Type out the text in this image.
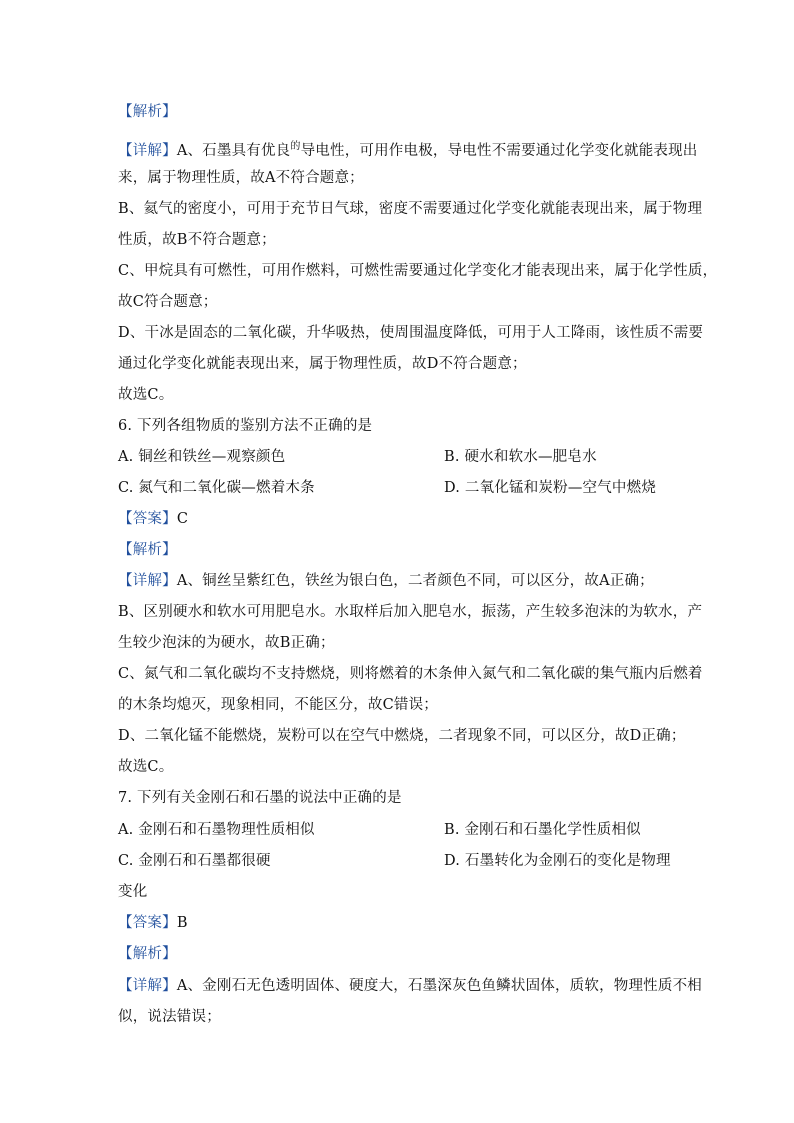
【解析】
【详解】A、石墨具有优良$^的$导电性，可用作电极，导电性不需要通过化学变化就能表现出
来，属于物理性质，故A不符合题意；
B、氦气的密度小，可用于充节日气球，密度不需要通过化学变化就能表现出来，属于物理
性质，故B不符合题意；
C、甲烷具有可燃性，可用作燃料，可燃性需要通过化学变化才能表现出来，属于化学性质，
故C符合题意；
D、干冰是固态的二氧化碳，升华吸热，使周围温度降低，可用于人工降雨，该性质不需要
通过化学变化就能表现出来，属于物理性质，故D不符合题意；
故选C。
6. 下列各组物质的鉴别方法不正确的是
A. 铜丝和铁丝—观察颜色	B. 硬水和软水—肥皂水
C. 氮气和二氧化碳—燃着木条	D. 二氧化锰和炭粉—空气中燃烧
【答案】C
【解析】
【详解】A、铜丝呈紫红色，铁丝为银白色，二者颜色不同，可以区分，故A正确；
B、区别硬水和软水可用肥皂水。水取样后加入肥皂水，振荡，产生较多泡沫的为软水，产
生较少泡沫的为硬水，故B正确；
C、氮气和二氧化碳均不支持燃烧，则将燃着的木条伸入氮气和二氧化碳的集气瓶内后燃着
的木条均熄灭，现象相同，不能区分，故C错误；
D、二氧化锰不能燃烧，炭粉可以在空气中燃烧，二者现象不同，可以区分，故D正确；
故选C。
7. 下列有关金刚石和石墨的说法中正确的是
A. 金刚石和石墨物理性质相似	B. 金刚石和石墨化学性质相似
C. 金刚石和石墨都很硬	D. 石墨转化为金刚石的变化是物理
变化
【答案】B
【解析】
【详解】A、金刚石无色透明固体、硬度大，石墨深灰色鱼鳞状固体，质软，物理性质不相
似，说法错误；
